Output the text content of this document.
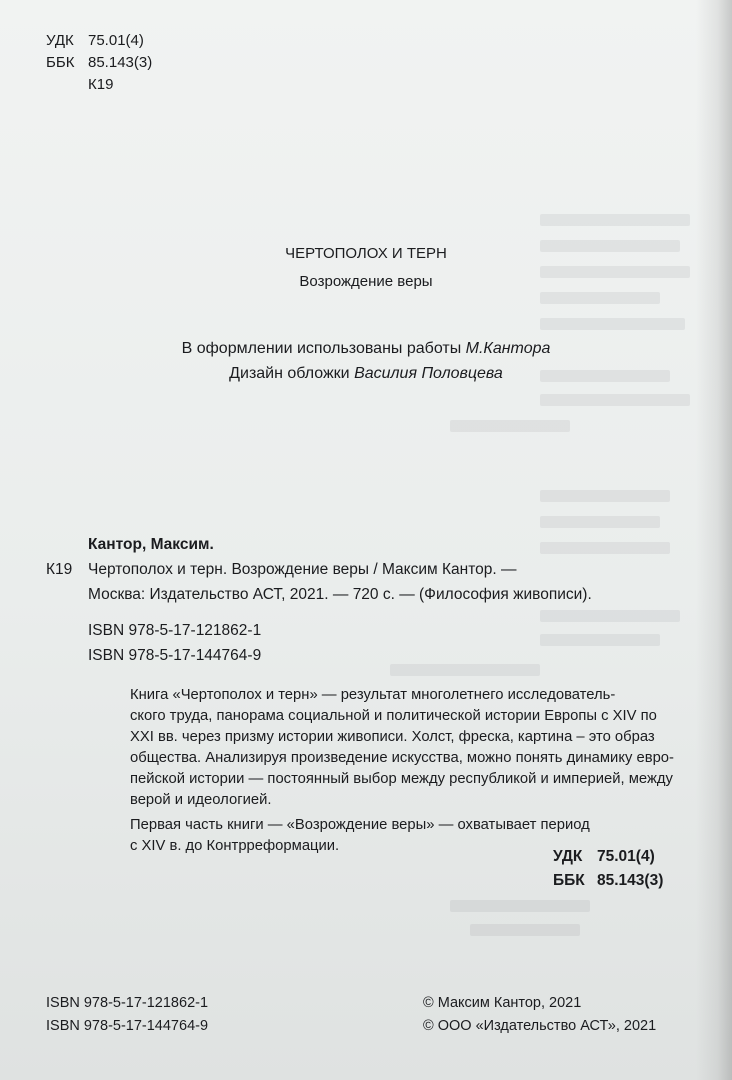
УДК 75.01(4)
ББК 85.143(3)
К19
ЧЕРТОПОЛОХ И ТЕРН
Возрождение веры
В оформлении использованы работы М.Кантора
Дизайн обложки Василия Половцева
Кантор, Максим.
К19 Чертополох и терн. Возрождение веры / Максим Кантор. —
Москва: Издательство АСТ, 2021. — 720 с. — (Философия живописи).
ISBN 978-5-17-121862-1
ISBN 978-5-17-144764-9

Книга «Чертополох и терн» — результат многолетнего исследователь-
ского труда, панорама социальной и политической истории Европы с XIV по
XXI вв. через призму истории живописи. Холст, фреска, картина – это образ
общества. Анализируя произведение искусства, можно понять динамику евро-
пейской истории — постоянный выбор между республикой и империей, между
верой и идеологией.

Первая часть книги — «Возрождение веры» — охватывает период
с XIV в. до Контрреформации.

УДК 75.01(4)
ББК 85.143(3)
ISBN 978-5-17-121862-1
ISBN 978-5-17-144764-9
© Максим Кантор, 2021
© ООО «Издательство АСТ», 2021
